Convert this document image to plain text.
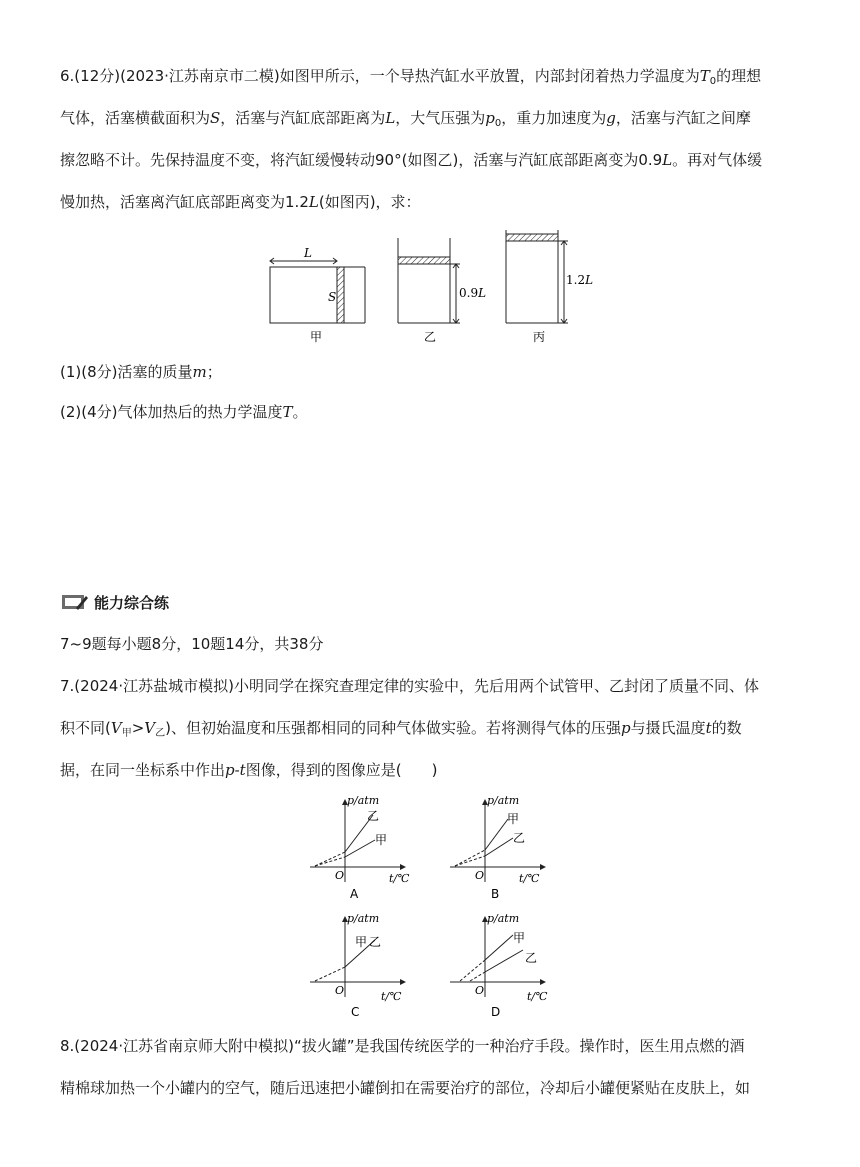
6.(12分)(2023·江苏南京市二模)如图甲所示，一个导热汽缸水平放置，内部封闭着热力学温度为$T_0$的理想
气体，活塞横截面积为S，活塞与汽缸底部距离为L，大气压强为$p_0$，重力加速度为g，活塞与汽缸之间摩
擦忽略不计。先保持温度不变，将汽缸缓慢转动90°(如图乙)，活塞与汽缸底部距离变为0.9L。再对气体缓
慢加热，活塞离汽缸底部距离变为1.2L(如图丙)，求：
L
S	0.9L
1.2L
甲	乙	丙
(1)(8分)活塞的质量m；
(2)(4分)气体加热后的热力学温度T。
能力综合练
7~9题每小题8分，10题14分，共38分
7.(2024·江苏盐城市模拟)小明同学在探究查理定律的实验中，先后用两个试管甲、乙封闭了质量不同、体
积不同$(V_甲>V_乙)$、但初始温度和压强都相同的同种气体做实验。若将测得气体的压强p与摄氏温度t的数
据，在同一坐标系中作出p-t图像，得到的图像应是(　　)
p/atm
O	t/℃
乙
甲
A
p/atm
O	t/℃
甲
乙
B
p/atm
O	t/℃
甲 乙
C
p/atm
O	t/℃
甲
乙
D
8.(2024·江苏省南京师大附中模拟)“拔火罐”是我国传统医学的一种治疗手段。操作时，医生用点燃的酒
精棉球加热一个小罐内的空气，随后迅速把小罐倒扣在需要治疗的部位，冷却后小罐便紧贴在皮肤上，如
